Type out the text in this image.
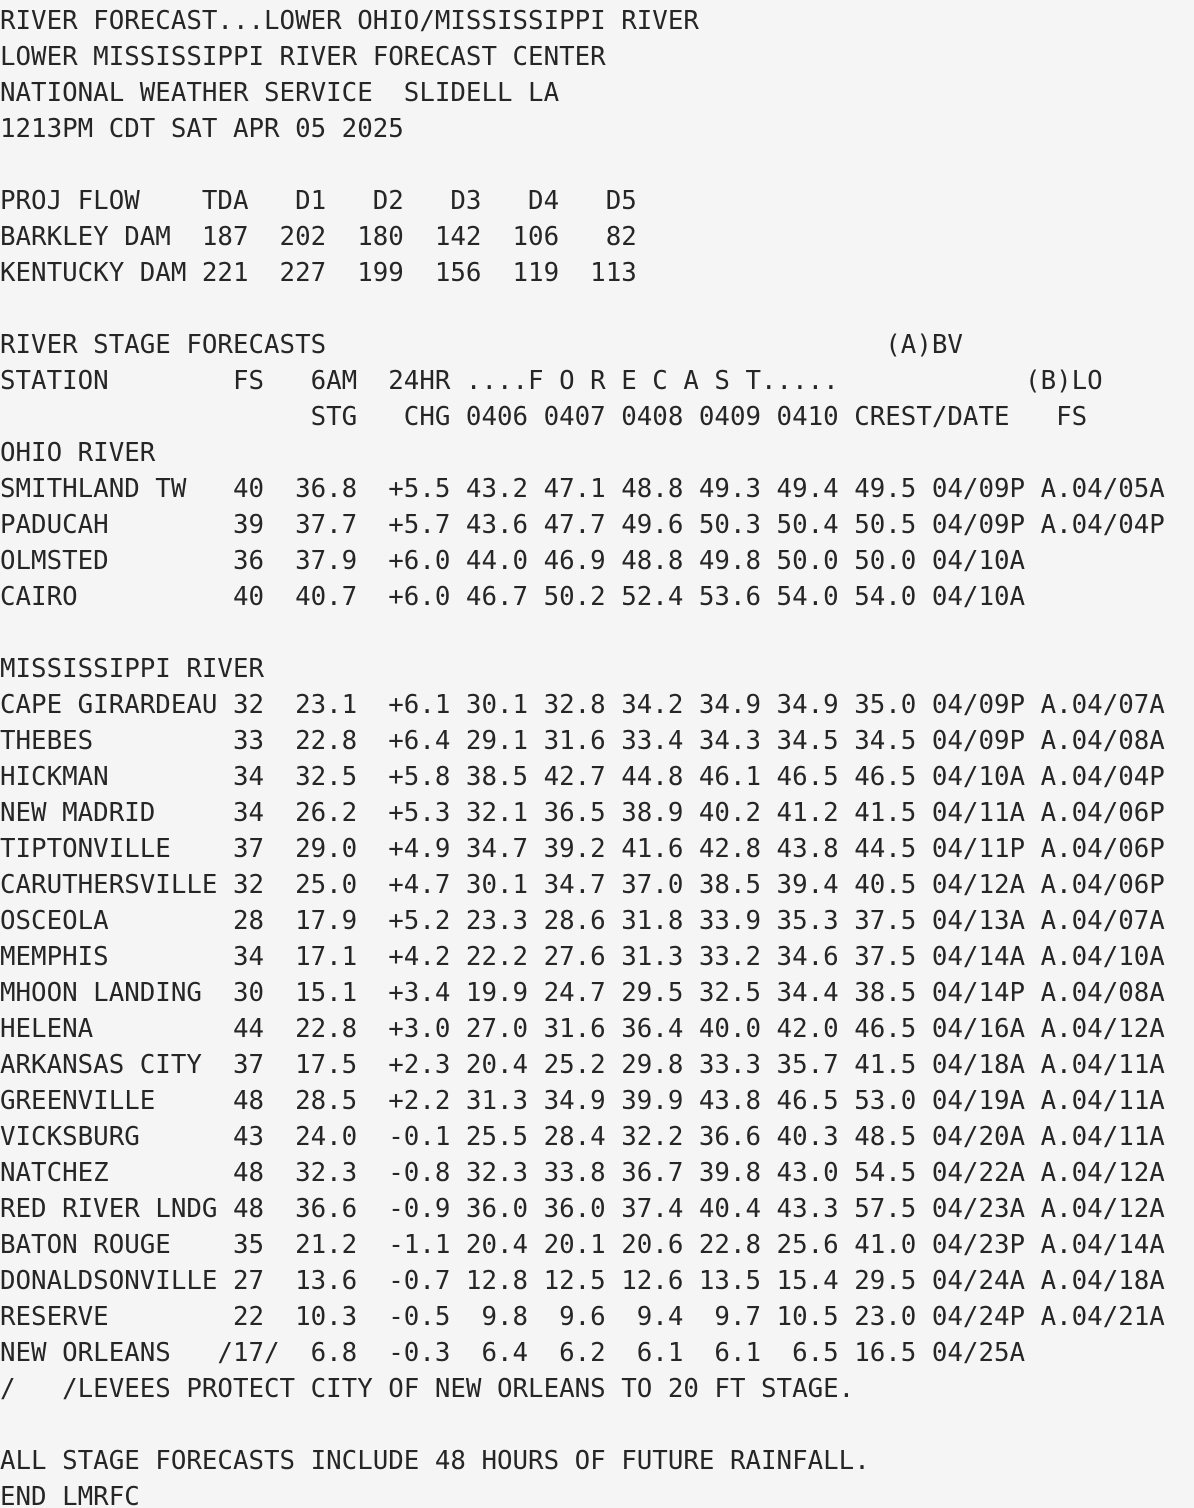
RIVER FORECAST...LOWER OHIO/MISSISSIPPI RIVER
LOWER MISSISSIPPI RIVER FORECAST CENTER
NATIONAL WEATHER SERVICE  SLIDELL LA
1213PM CDT SAT APR 05 2025
PROJ FLOW    TDA   D1   D2   D3   D4   D5
BARKLEY DAM  187  202  180  142  106   82
KENTUCKY DAM 221  227  199  156  119  113
RIVER STAGE FORECASTS                                    (A)BV
STATION        FS   6AM  24HR ....F O R E C A S T.....            (B)LO
STG   CHG 0406 0407 0408 0409 0410 CREST/DATE   FS
OHIO RIVER
SMITHLAND TW   40  36.8  +5.5 43.2 47.1 48.8 49.3 49.4 49.5 04/09P A.04/05A
PADUCAH        39  37.7  +5.7 43.6 47.7 49.6 50.3 50.4 50.5 04/09P A.04/04P
OLMSTED        36  37.9  +6.0 44.0 46.9 48.8 49.8 50.0 50.0 04/10A
CAIRO          40  40.7  +6.0 46.7 50.2 52.4 53.6 54.0 54.0 04/10A
MISSISSIPPI RIVER
CAPE GIRARDEAU 32  23.1  +6.1 30.1 32.8 34.2 34.9 34.9 35.0 04/09P A.04/07A
THEBES         33  22.8  +6.4 29.1 31.6 33.4 34.3 34.5 34.5 04/09P A.04/08A
HICKMAN        34  32.5  +5.8 38.5 42.7 44.8 46.1 46.5 46.5 04/10A A.04/04P
NEW MADRID     34  26.2  +5.3 32.1 36.5 38.9 40.2 41.2 41.5 04/11A A.04/06P
TIPTONVILLE    37  29.0  +4.9 34.7 39.2 41.6 42.8 43.8 44.5 04/11P A.04/06P
CARUTHERSVILLE 32  25.0  +4.7 30.1 34.7 37.0 38.5 39.4 40.5 04/12A A.04/06P
OSCEOLA        28  17.9  +5.2 23.3 28.6 31.8 33.9 35.3 37.5 04/13A A.04/07A
MEMPHIS        34  17.1  +4.2 22.2 27.6 31.3 33.2 34.6 37.5 04/14A A.04/10A
MHOON LANDING  30  15.1  +3.4 19.9 24.7 29.5 32.5 34.4 38.5 04/14P A.04/08A
HELENA         44  22.8  +3.0 27.0 31.6 36.4 40.0 42.0 46.5 04/16A A.04/12A
ARKANSAS CITY  37  17.5  +2.3 20.4 25.2 29.8 33.3 35.7 41.5 04/18A A.04/11A
GREENVILLE     48  28.5  +2.2 31.3 34.9 39.9 43.8 46.5 53.0 04/19A A.04/11A
VICKSBURG      43  24.0  -0.1 25.5 28.4 32.2 36.6 40.3 48.5 04/20A A.04/11A
NATCHEZ        48  32.3  -0.8 32.3 33.8 36.7 39.8 43.0 54.5 04/22A A.04/12A
RED RIVER LNDG 48  36.6  -0.9 36.0 36.0 37.4 40.4 43.3 57.5 04/23A A.04/12A
BATON ROUGE    35  21.2  -1.1 20.4 20.1 20.6 22.8 25.6 41.0 04/23P A.04/14A
DONALDSONVILLE 27  13.6  -0.7 12.8 12.5 12.6 13.5 15.4 29.5 04/24A A.04/18A
RESERVE        22  10.3  -0.5  9.8  9.6  9.4  9.7 10.5 23.0 04/24P A.04/21A
NEW ORLEANS   /17/  6.8  -0.3  6.4  6.2  6.1  6.1  6.5 16.5 04/25A
/   /LEVEES PROTECT CITY OF NEW ORLEANS TO 20 FT STAGE.
ALL STAGE FORECASTS INCLUDE 48 HOURS OF FUTURE RAINFALL.
END LMRFC
